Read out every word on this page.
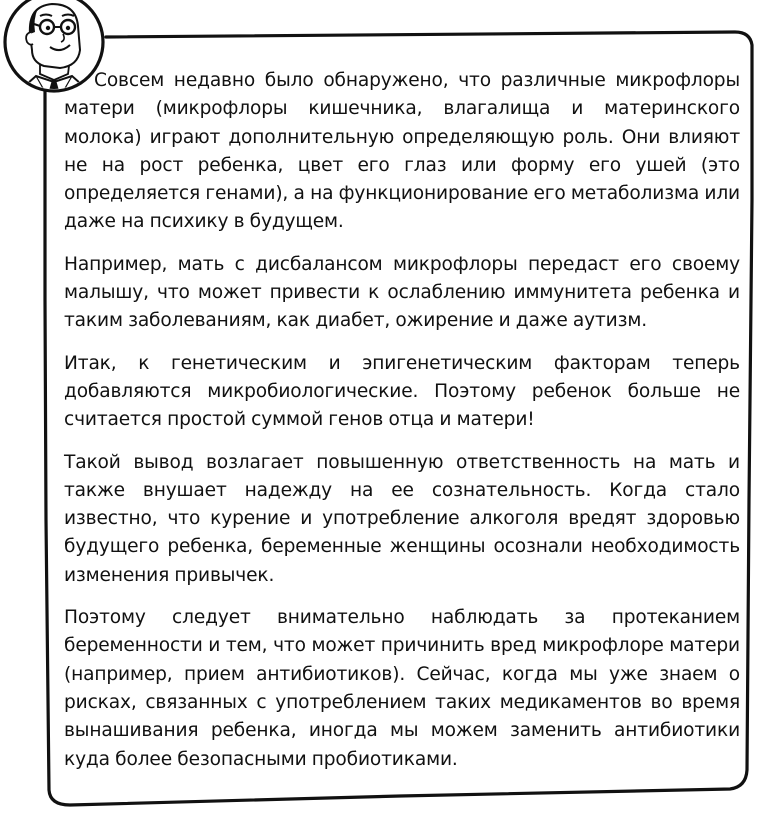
Совсем недавно было обнаружено, что различные микрофлоры матери (микрофлоры кишечника, влагалища и материнского молока) играют дополнительную определяющую роль. Они влияют не на рост ребенка, цвет его глаз или форму его ушей (это определяется генами), а на функционирование его метаболизма или даже на психику в будущем.

Например, мать с дисбалансом микрофлоры передаст его своему малышу, что может привести к ослаблению иммунитета ребенка и таким заболеваниям, как диабет, ожирение и даже аутизм.

Итак, к генетическим и эпигенетическим факторам теперь добавляются микробиологические. Поэтому ребенок больше не считается простой суммой генов отца и матери!

Такой вывод возлагает повышенную ответственность на мать и также внушает надежду на ее сознательность. Когда стало известно, что курение и употребление алкоголя вредят здоровью будущего ребенка, беременные женщины осознали необходимость изменения привычек.

Поэтому следует внимательно наблюдать за протеканием беременности и тем, что может причинить вред микрофлоре матери (например, прием антибиотиков). Сейчас, когда мы уже знаем о рисках, связанных с употреблением таких медикаментов во время вынашивания ребенка, иногда мы можем заменить антибиотики куда более безопасными пробиотиками.
